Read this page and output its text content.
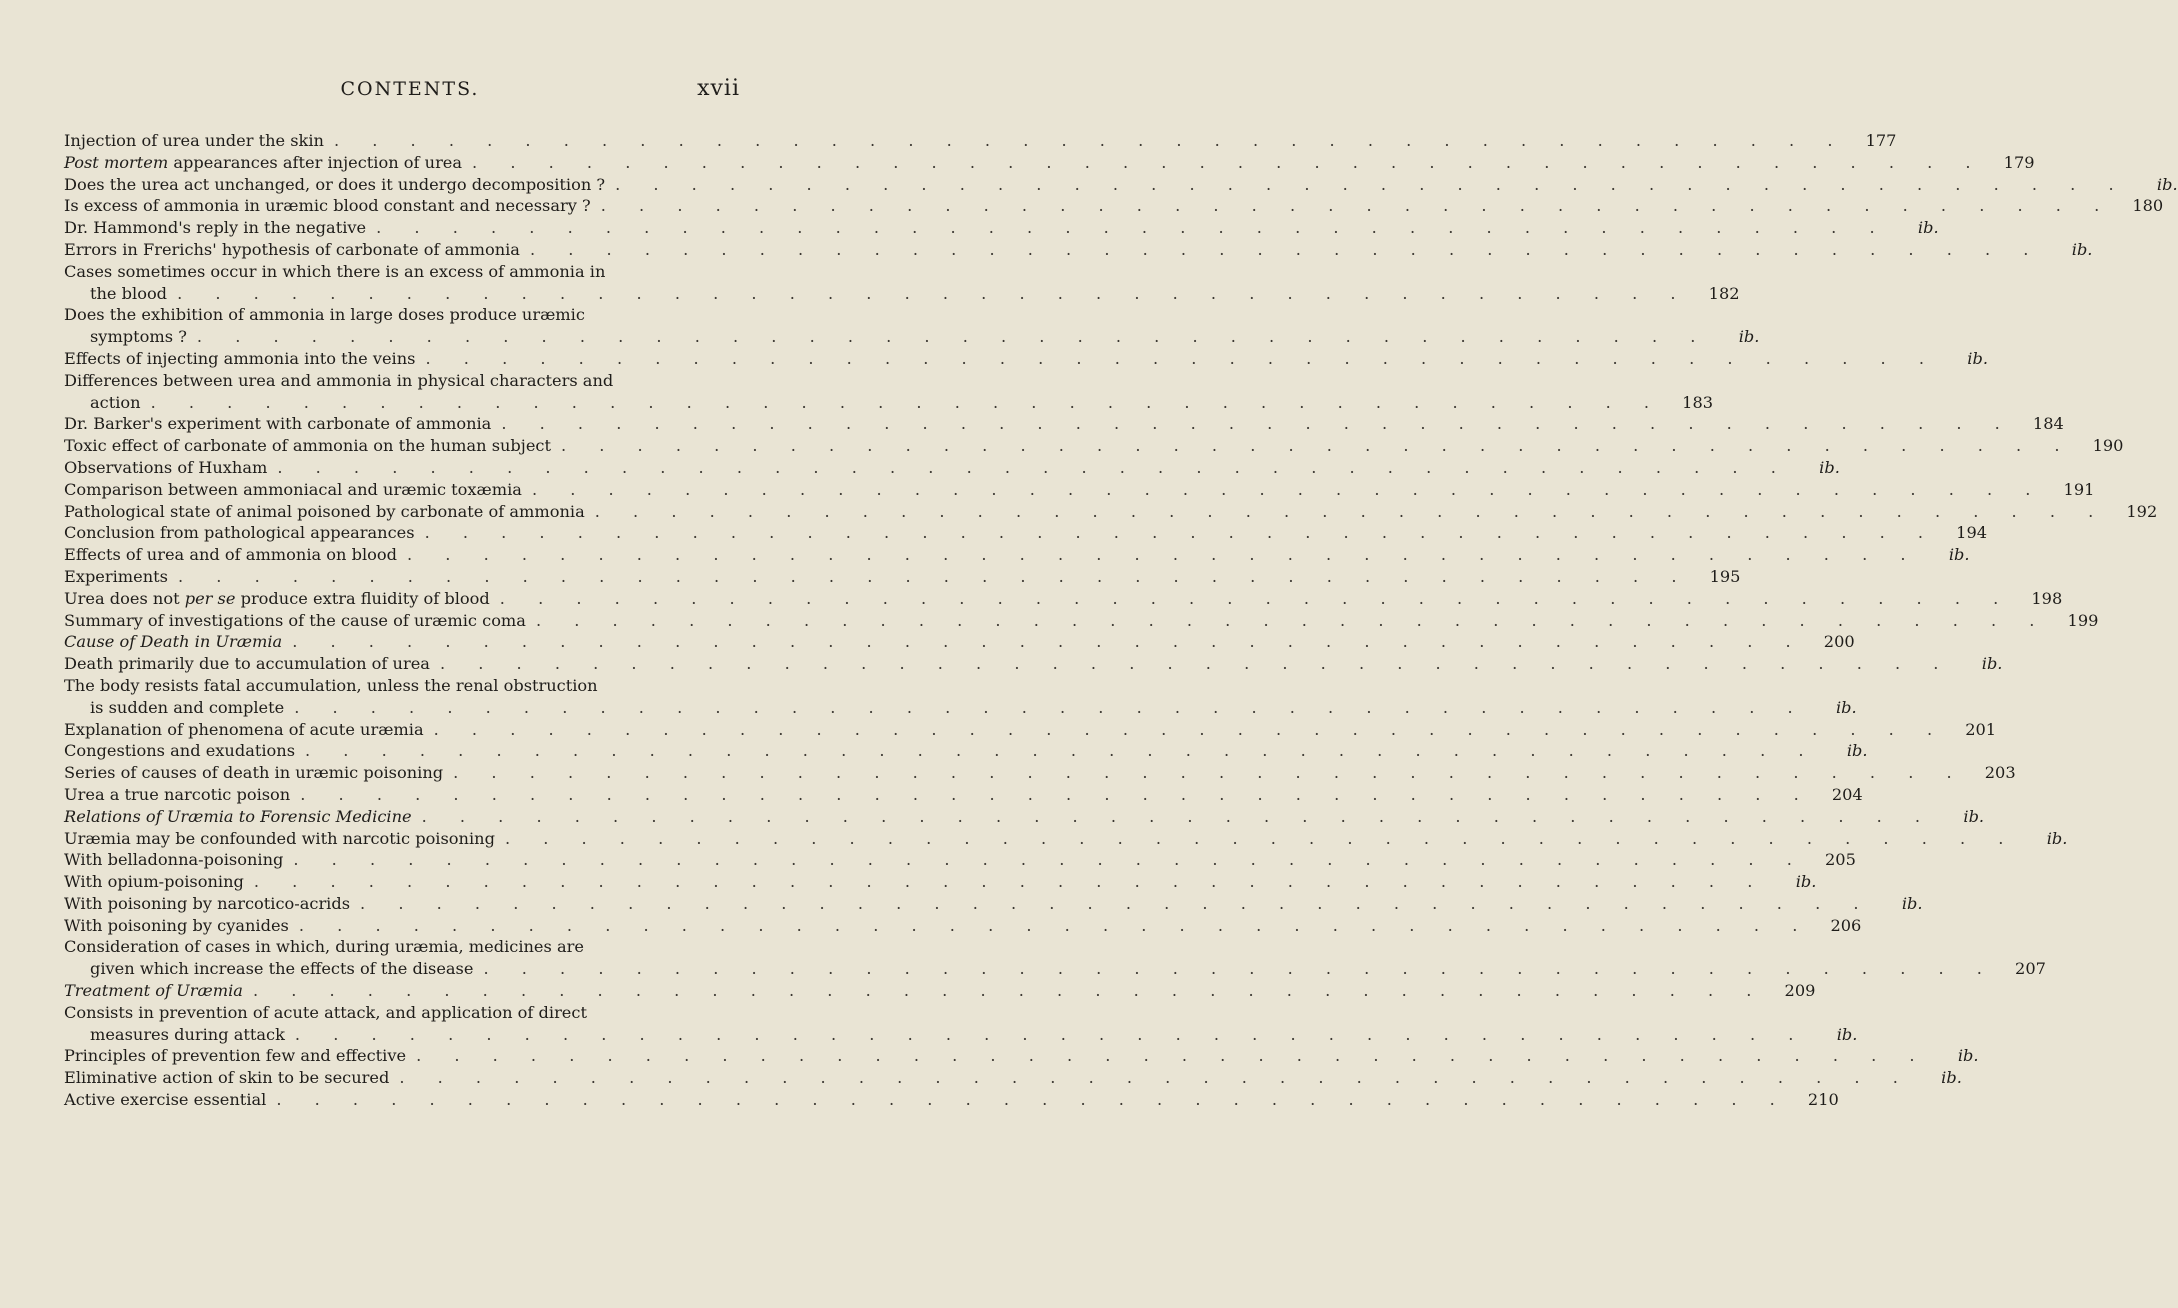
CONTENTS.	xvii
Injection of urea under the skin . . . . . . . . . . . . . . . . . . . . . . . . . . . . . . . . . . . . . . . .	177
Post mortem appearances after injection of urea . . . . . . . . . . . . . . . . . . . . . . . . . . . . . . . . . . . . . . . .	179
Does the urea act unchanged, or does it undergo decomposition ? . . . . . . . . . . . . . . . . . . . . . . . . . . . . . . . . . . . . . . . .	ib.
Is excess of ammonia in uræmic blood constant and necessary ? . . . . . . . . . . . . . . . . . . . . . . . . . . . . . . . . . . . . . . . .	180
Dr. Hammond's reply in the negative . . . . . . . . . . . . . . . . . . . . . . . . . . . . . . . . . . . . . . . .	ib.
Errors in Frerichs' hypothesis of carbonate of ammonia . . . . . . . . . . . . . . . . . . . . . . . . . . . . . . . . . . . . . . . .	ib.
Cases sometimes occur in which there is an excess of ammonia in
the blood . . . . . . . . . . . . . . . . . . . . . . . . . . . . . . . . . . . . . . . .	182
Does the exhibition of ammonia in large doses produce uræmic
symptoms ? . . . . . . . . . . . . . . . . . . . . . . . . . . . . . . . . . . . . . . . .	ib.
Effects of injecting ammonia into the veins . . . . . . . . . . . . . . . . . . . . . . . . . . . . . . . . . . . . . . . .	ib.
Differences between urea and ammonia in physical characters and
action . . . . . . . . . . . . . . . . . . . . . . . . . . . . . . . . . . . . . . . .	183
Dr. Barker's experiment with carbonate of ammonia . . . . . . . . . . . . . . . . . . . . . . . . . . . . . . . . . . . . . . . .	184
Toxic effect of carbonate of ammonia on the human subject . . . . . . . . . . . . . . . . . . . . . . . . . . . . . . . . . . . . . . . .	190
Observations of Huxham . . . . . . . . . . . . . . . . . . . . . . . . . . . . . . . . . . . . . . . .	ib.
Comparison between ammoniacal and uræmic toxæmia . . . . . . . . . . . . . . . . . . . . . . . . . . . . . . . . . . . . . . . .	191
Pathological state of animal poisoned by carbonate of ammonia . . . . . . . . . . . . . . . . . . . . . . . . . . . . . . . . . . . . . . . .	192
Conclusion from pathological appearances . . . . . . . . . . . . . . . . . . . . . . . . . . . . . . . . . . . . . . . .	194
Effects of urea and of ammonia on blood . . . . . . . . . . . . . . . . . . . . . . . . . . . . . . . . . . . . . . . .	ib.
Experiments . . . . . . . . . . . . . . . . . . . . . . . . . . . . . . . . . . . . . . . .	195
Urea does not per se produce extra fluidity of blood . . . . . . . . . . . . . . . . . . . . . . . . . . . . . . . . . . . . . . . .	198
Summary of investigations of the cause of uræmic coma . . . . . . . . . . . . . . . . . . . . . . . . . . . . . . . . . . . . . . . .	199
Cause of Death in Uræmia . . . . . . . . . . . . . . . . . . . . . . . . . . . . . . . . . . . . . . . .	200
Death primarily due to accumulation of urea . . . . . . . . . . . . . . . . . . . . . . . . . . . . . . . . . . . . . . . .	ib.
The body resists fatal accumulation, unless the renal obstruction
is sudden and complete . . . . . . . . . . . . . . . . . . . . . . . . . . . . . . . . . . . . . . . .	ib.
Explanation of phenomena of acute uræmia . . . . . . . . . . . . . . . . . . . . . . . . . . . . . . . . . . . . . . . .	201
Congestions and exudations . . . . . . . . . . . . . . . . . . . . . . . . . . . . . . . . . . . . . . . .	ib.
Series of causes of death in uræmic poisoning . . . . . . . . . . . . . . . . . . . . . . . . . . . . . . . . . . . . . . . .	203
Urea a true narcotic poison . . . . . . . . . . . . . . . . . . . . . . . . . . . . . . . . . . . . . . . .	204
Relations of Uræmia to Forensic Medicine . . . . . . . . . . . . . . . . . . . . . . . . . . . . . . . . . . . . . . . .	ib.
Uræmia may be confounded with narcotic poisoning . . . . . . . . . . . . . . . . . . . . . . . . . . . . . . . . . . . . . . . .	ib.
With belladonna-poisoning . . . . . . . . . . . . . . . . . . . . . . . . . . . . . . . . . . . . . . . .	205
With opium-poisoning . . . . . . . . . . . . . . . . . . . . . . . . . . . . . . . . . . . . . . . .	ib.
With poisoning by narcotico-acrids . . . . . . . . . . . . . . . . . . . . . . . . . . . . . . . . . . . . . . . .	ib.
With poisoning by cyanides . . . . . . . . . . . . . . . . . . . . . . . . . . . . . . . . . . . . . . . .	206
Consideration of cases in which, during uræmia, medicines are
given which increase the effects of the disease . . . . . . . . . . . . . . . . . . . . . . . . . . . . . . . . . . . . . . . .	207
Treatment of Uræmia . . . . . . . . . . . . . . . . . . . . . . . . . . . . . . . . . . . . . . . .	209
Consists in prevention of acute attack, and application of direct
measures during attack . . . . . . . . . . . . . . . . . . . . . . . . . . . . . . . . . . . . . . . .	ib.
Principles of prevention few and effective . . . . . . . . . . . . . . . . . . . . . . . . . . . . . . . . . . . . . . . .	ib.
Eliminative action of skin to be secured . . . . . . . . . . . . . . . . . . . . . . . . . . . . . . . . . . . . . . . .	ib.
Active exercise essential . . . . . . . . . . . . . . . . . . . . . . . . . . . . . . . . . . . . . . . .	210
